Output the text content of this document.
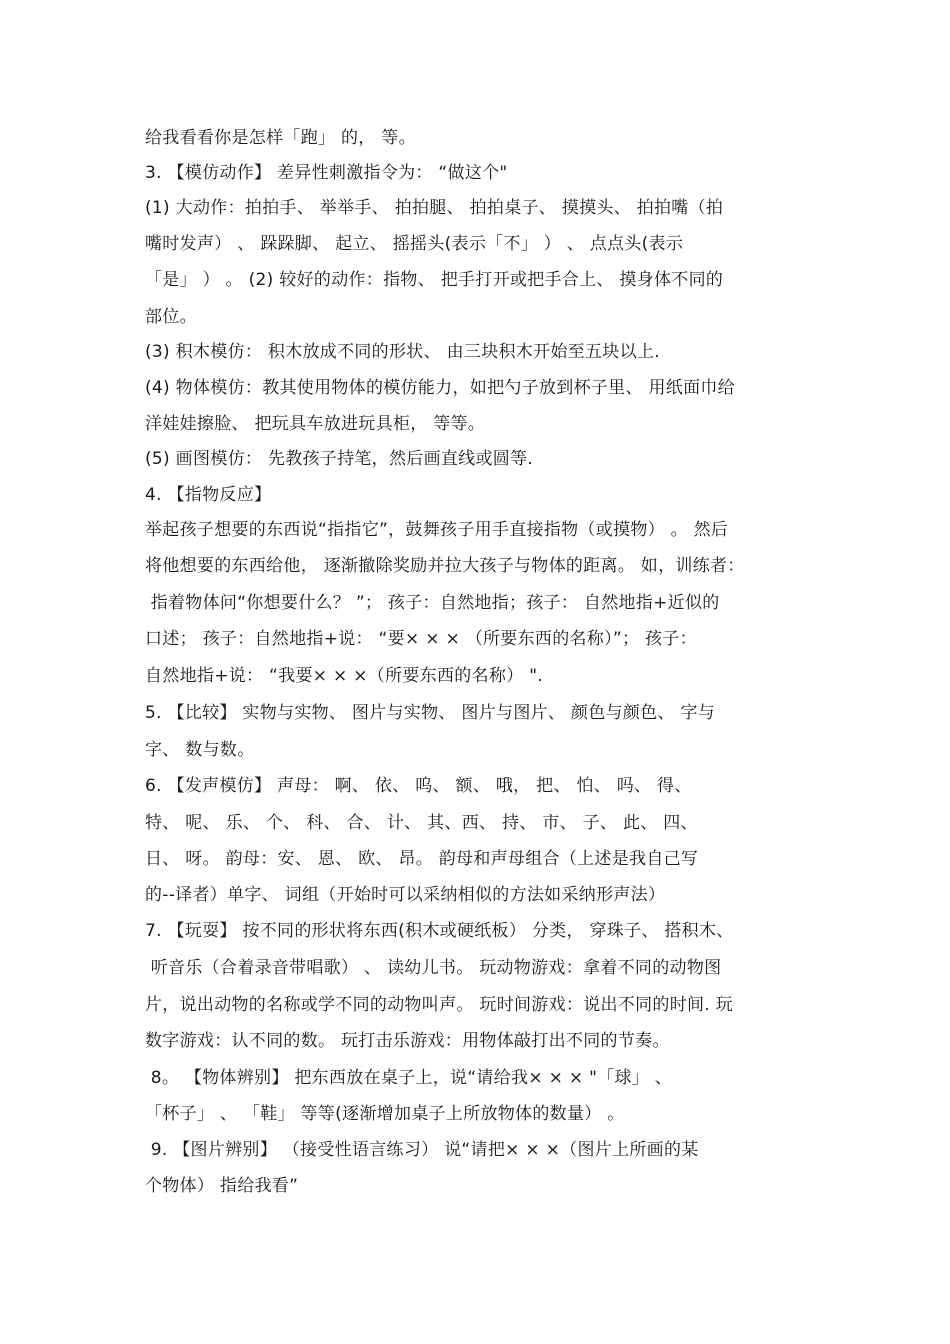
给我看看你是怎样「跑」 的， 等。
3. 【模仿动作】 差异性刺激指令为： “做这个"
(1) 大动作：拍拍手、 举举手、 拍拍腿、 拍拍桌子、 摸摸头、 拍拍嘴（拍
嘴时发声） 、 跺跺脚、 起立、 摇摇头(表示「不」 ） 、 点点头(表示
「是」 ） 。 (2) 较好的动作：指物、 把手打开或把手合上、 摸身体不同的
部位。
(3) 积木模仿： 积木放成不同的形状、 由三块积木开始至五块以上.
(4) 物体模仿：教其使用物体的模仿能力，如把勺子放到杯子里、 用纸面巾给
洋娃娃擦脸、 把玩具车放进玩具柜， 等等。
(5) 画图模仿： 先教孩子持笔，然后画直线或圆等.
4. 【指物反应】
举起孩子想要的东西说“指指它”，鼓舞孩子用手直接指物（或摸物） 。 然后
将他想要的东西给他， 逐渐撤除奖励并拉大孩子与物体的距离。 如，训练者：
指着物体问“你想要什么？ ”； 孩子：自然地指；孩子： 自然地指+近似的
口述； 孩子：自然地指+说： “要× × × （所要东西的名称）”； 孩子：
自然地指+说： “我要× × ×（所要东西的名称） ".
5. 【比较】 实物与实物、 图片与实物、 图片与图片、 颜色与颜色、 字与
字、 数与数。
6. 【发声模仿】 声母： 啊、 依、 呜、 额、 哦， 把、 怕、 吗、 得、
特、 呢、 乐、 个、 科、 合、 计、 其、西、 持、 市、 子、 此、 四、
日、 呀。 韵母：安、 恩、 欧、 昂。 韵母和声母组合（上述是我自己写
的--译者）单字、 词组（开始时可以采纳相似的方法如采纳形声法）
7. 【玩耍】 按不同的形状将东西(积木或硬纸板） 分类， 穿珠子、 搭积木、
听音乐（合着录音带唱歌） 、 读幼儿书。 玩动物游戏：拿着不同的动物图
片，说出动物的名称或学不同的动物叫声。 玩时间游戏：说出不同的时间. 玩
数字游戏：认不同的数。 玩打击乐游戏：用物体敲打出不同的节奏。
8。 【物体辨别】 把东西放在桌子上，说“请给我× × × "「球」 、
「杯子」 、 「鞋」 等等(逐渐增加桌子上所放物体的数量） 。
9. 【图片辨别】 （接受性语言练习） 说“请把× × ×（图片上所画的某
个物体） 指给我看”
